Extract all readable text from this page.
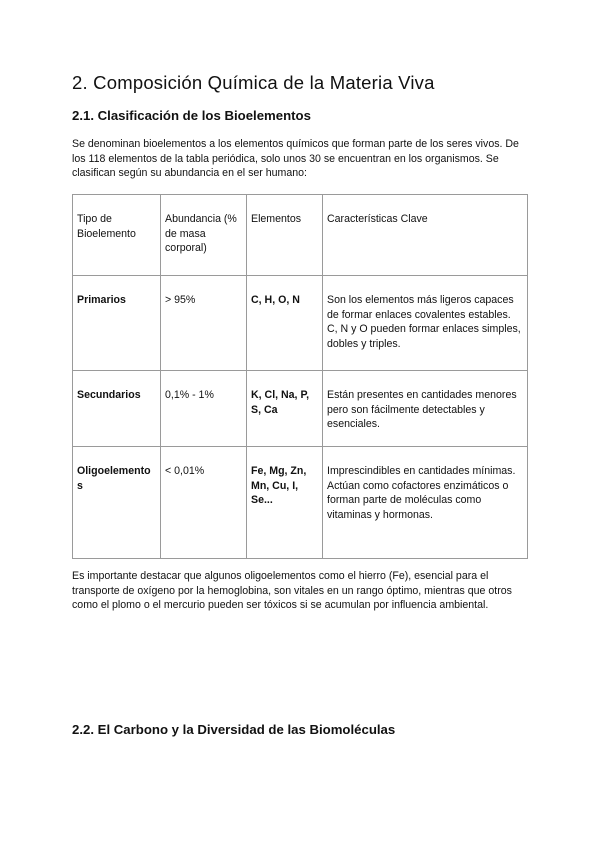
2. Composición Química de la Materia Viva
2.1. Clasificación de los Bioelementos

Se denominan bioelementos a los elementos químicos que forman parte de los seres vivos. De los 118 elementos de la tabla periódica, solo unos 30 se encuentran en los organismos. Se clasifican según su abundancia en el ser humano:

Tipo de Bioelemento	Abundancia (% de masa corporal)	Elementos	Características Clave
Primarios	> 95%	C, H, O, N	Son los elementos más ligeros capaces de formar enlaces covalentes estables. C, N y O pueden formar enlaces simples, dobles y triples.
Secundarios	0,1% - 1%	K, Cl, Na, P, S, Ca	Están presentes en cantidades menores pero son fácilmente detectables y esenciales.
Oligoelementos	< 0,01%	Fe, Mg, Zn, Mn, Cu, I, Se...	Imprescindibles en cantidades mínimas. Actúan como cofactores enzimáticos o forman parte de moléculas como vitaminas y hormonas.

Es importante destacar que algunos oligoelementos como el hierro (Fe), esencial para el transporte de oxígeno por la hemoglobina, son vitales en un rango óptimo, mientras que otros como el plomo o el mercurio pueden ser tóxicos si se acumulan por influencia ambiental.

2.2. El Carbono y la Diversidad de las Biomoléculas
